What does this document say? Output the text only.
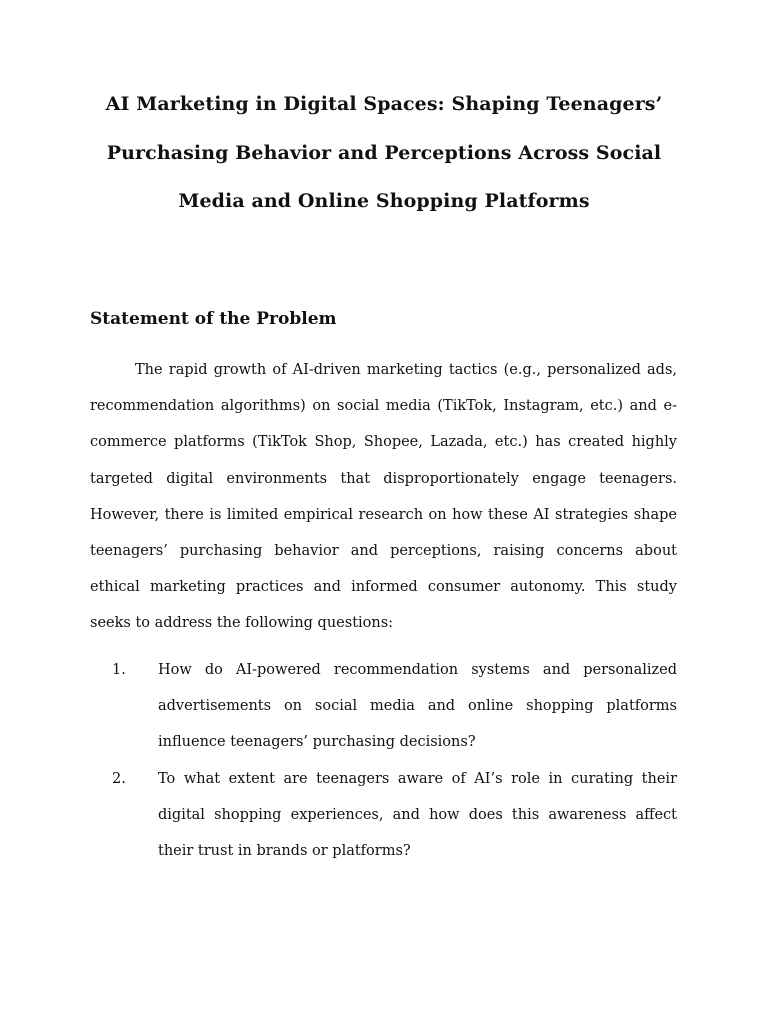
AI Marketing in Digital Spaces: Shaping Teenagers’ Purchasing Behavior and Perceptions Across Social Media and Online Shopping Platforms
Statement of the Problem

The rapid growth of AI-driven marketing tactics (e.g., personalized ads, recommendation algorithms) on social media (TikTok, Instagram, etc.) and e-commerce platforms (TikTok Shop, Shopee, Lazada, etc.) has created highly targeted digital environments that disproportionately engage teenagers. However, there is limited empirical research on how these AI strategies shape teenagers’ purchasing behavior and perceptions, raising concerns about ethical marketing practices and informed consumer autonomy. This study seeks to address the following questions:

1. How do AI-powered recommendation systems and personalized advertisements on social media and online shopping platforms influence teenagers’ purchasing decisions?
2. To what extent are teenagers aware of AI’s role in curating their digital shopping experiences, and how does this awareness affect their trust in brands or platforms?
